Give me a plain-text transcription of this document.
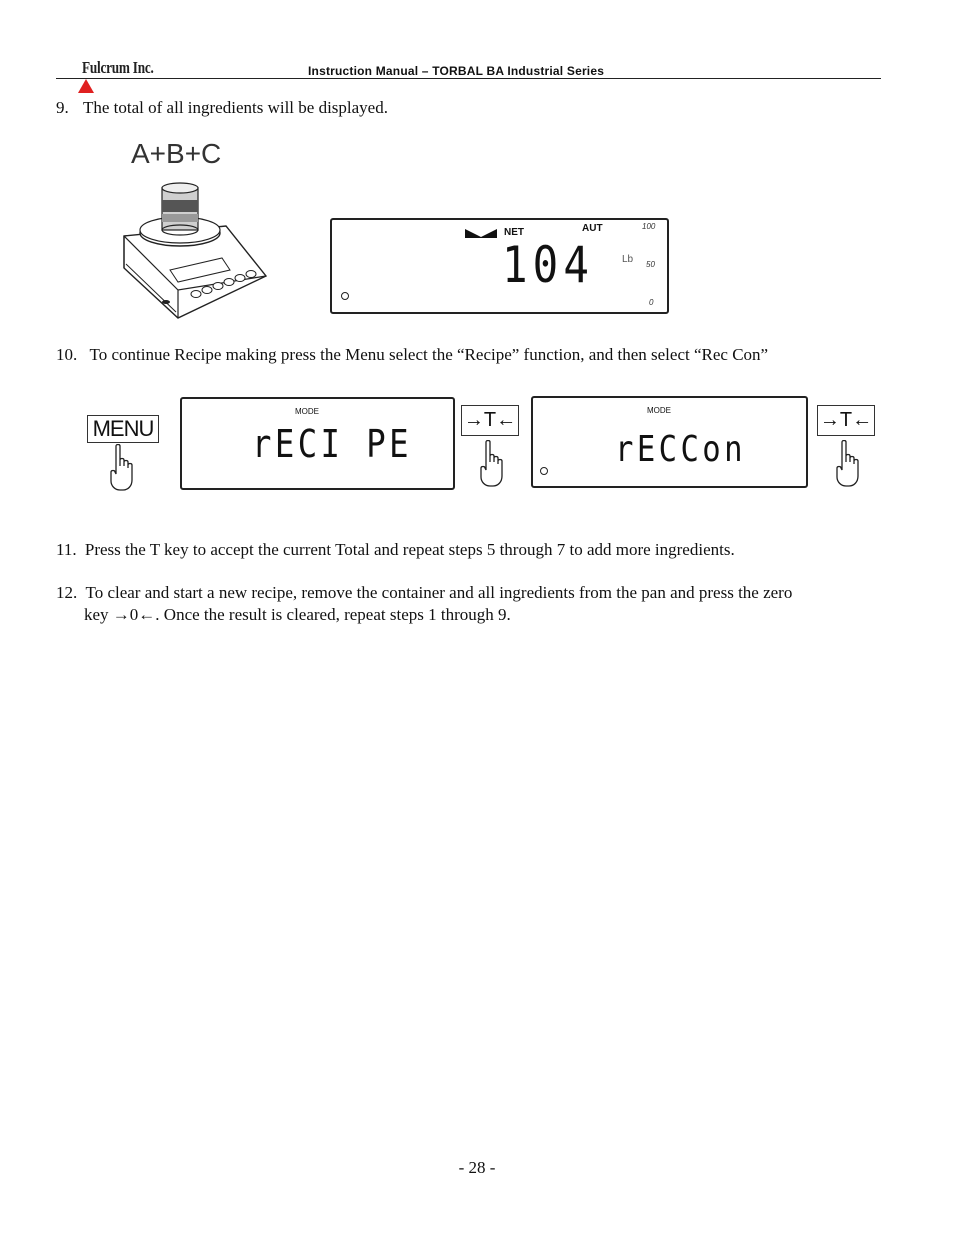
Fulcrum Inc.	Instruction Manual – TORBAL BA Industrial Series
9. The total of all ingredients will be displayed.
A+B+C
NET	AUT	100
50
0
104	Lb
10. To continue Recipe making press the Menu select the “Recipe” function, and then select “Rec Con”
MENU
MODE
rECI PE
→T←	MODE
rECCon
→T←
11. Press the T key to accept the current Total and repeat steps 5 through 7 to add more ingredients.
12. To clear and start a new recipe, remove the container and all ingredients from the pan and press the zero
key →0←. Once the result is cleared, repeat steps 1 through 9.
- 28 -
